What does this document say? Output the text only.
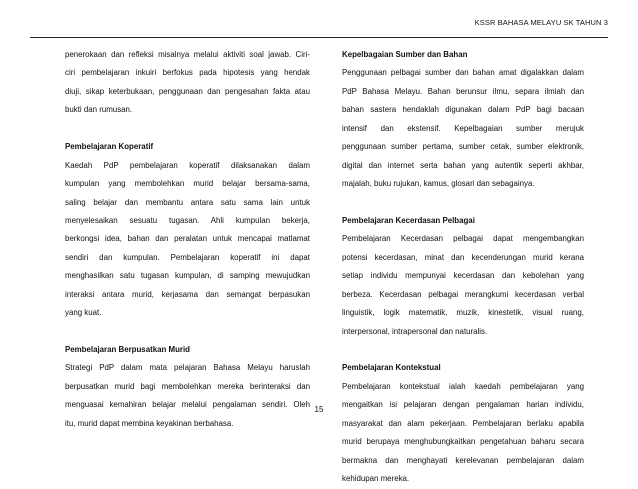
KSSR BAHASA MELAYU SK TAHUN 3
penerokaan dan refleksi misalnya melalui aktiviti soal jawab. Ciri-
ciri pembelajaran inkuiri berfokus pada hipotesis yang hendak
diuji, sikap keterbukaan, penggunaan dan pengesahan fakta atau
bukti dan rumusan.
Pembelajaran Koperatif
Kaedah PdP pembelajaran koperatif dilaksanakan dalam
kumpulan yang membolehkan murid belajar bersama-sama,
saling belajar dan membantu antara satu sama lain untuk
menyelesaikan sesuatu tugasan. Ahli kumpulan bekerja,
berkongsi idea, bahan dan peralatan untuk mencapai matlamat
sendiri dan kumpulan. Pembelajaran koperatif ini dapat
menghasilkan satu tugasan kumpulan, di samping mewujudkan
interaksi antara murid, kerjasama dan semangat berpasukan
yang kuat.
Pembelajaran Berpusatkan Murid
Strategi PdP dalam mata pelajaran Bahasa Melayu haruslah
berpusatkan murid bagi membolehkan mereka berinteraksi dan
menguasai kemahiran belajar melalui pengalaman sendiri. Oleh
itu, murid dapat membina keyakinan berbahasa.
Kepelbagaian Sumber dan Bahan
Penggunaan pelbagai sumber dan bahan amat digalakkan dalam
PdP Bahasa Melayu. Bahan berunsur ilmu, separa ilmiah dan
bahan sastera hendaklah digunakan dalam PdP bagi bacaan
intensif dan ekstensif. Kepelbagaian sumber merujuk
penggunaan sumber pertama, sumber cetak, sumber elektronik,
digital dan internet serta bahan yang autentik seperti akhbar,
majalah, buku rujukan, kamus, glosari dan sebagainya.
Pembelajaran Kecerdasan Pelbagai
Pembelajaran Kecerdasan pelbagai dapat mengembangkan
potensi kecerdasan, minat dan kecenderungan murid kerana
setiap individu mempunyai kecerdasan dan kebolehan yang
berbeza. Kecerdasan pelbagai merangkumi kecerdasan verbal
linguistik, logik matematik, muzik, kinestetik, visual ruang,
interpersonal, intrapersonal dan naturalis.
Pembelajaran Kontekstual
Pembelajaran kontekstual ialah kaedah pembelajaran yang
mengaitkan isi pelajaran dengan pengalaman harian individu,
masyarakat dan alam pekerjaan. Pembelajaran berlaku apabila
murid berupaya menghubungkaitkan pengetahuan baharu secara
bermakna dan menghayati kerelevanan pembelajaran dalam
kehidupan mereka.
15
